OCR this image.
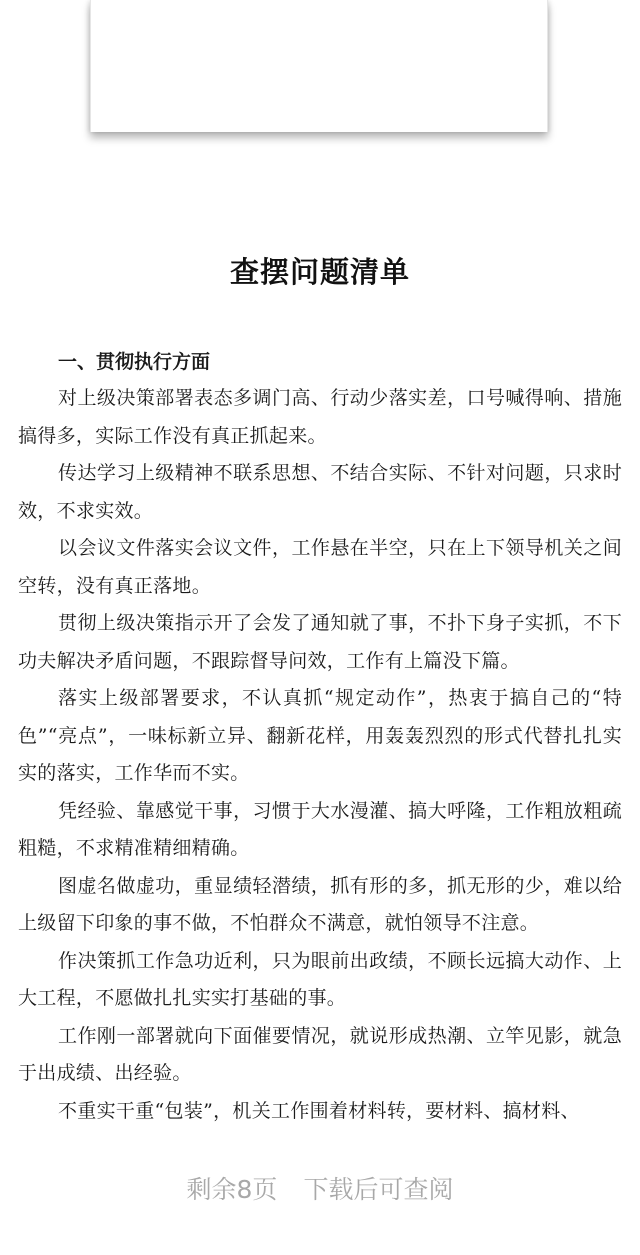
查摆问题清单

一、贯彻执行方面

对上级决策部署表态多调门高、行动少落实差，口号喊得响、措施搞得多，实际工作没有真正抓起来。

传达学习上级精神不联系思想、不结合实际、不针对问题，只求时效，不求实效。

以会议文件落实会议文件，工作悬在半空，只在上下领导机关之间空转，没有真正落地。

贯彻上级决策指示开了会发了通知就了事，不扑下身子实抓，不下功夫解决矛盾问题，不跟踪督导问效，工作有上篇没下篇。

落实上级部署要求，不认真抓“规定动作”，热衷于搞自己的“特色”“亮点”，一味标新立异、翻新花样，用轰轰烈烈的形式代替扎扎实实的落实，工作华而不实。

凭经验、靠感觉干事，习惯于大水漫灌、搞大呼隆，工作粗放粗疏粗糙，不求精准精细精确。

图虚名做虚功，重显绩轻潜绩，抓有形的多，抓无形的少，难以给上级留下印象的事不做，不怕群众不满意，就怕领导不注意。

作决策抓工作急功近利，只为眼前出政绩，不顾长远搞大动作、上大工程，不愿做扎扎实实打基础的事。

工作刚一部署就向下面催要情况，就说形成热潮、立竿见影，就急于出成绩、出经验。

不重实干重“包装”，机关工作围着材料转，要材料、搞材料、

剩余8页 下载后可查阅
